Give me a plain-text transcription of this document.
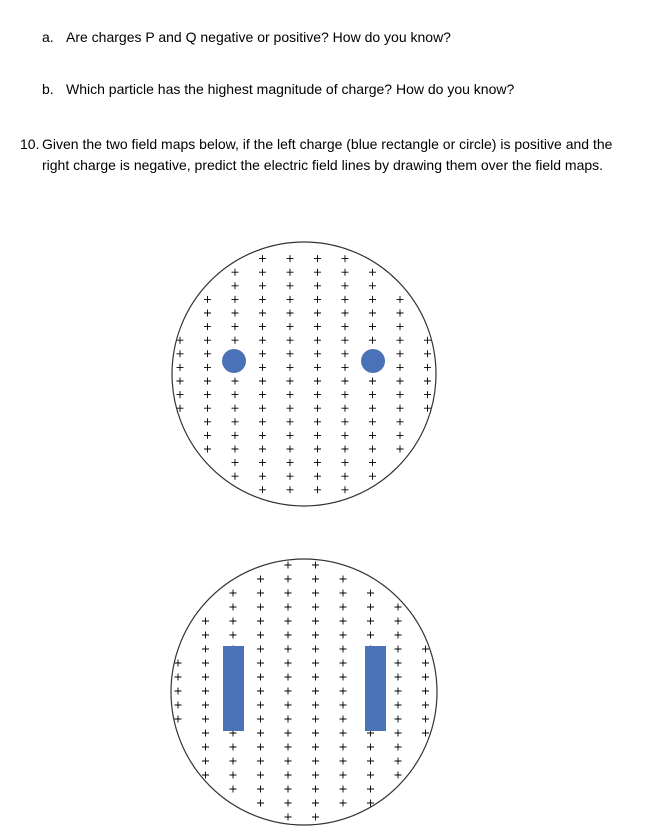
a. Are charges P and Q negative or positive? How do you know?

b. Which particle has the highest magnitude of charge? How do you know?

10. Given the two field maps below, if the left charge (blue rectangle or circle) is positive and the right charge is negative, predict the electric field lines by drawing them over the field maps.
